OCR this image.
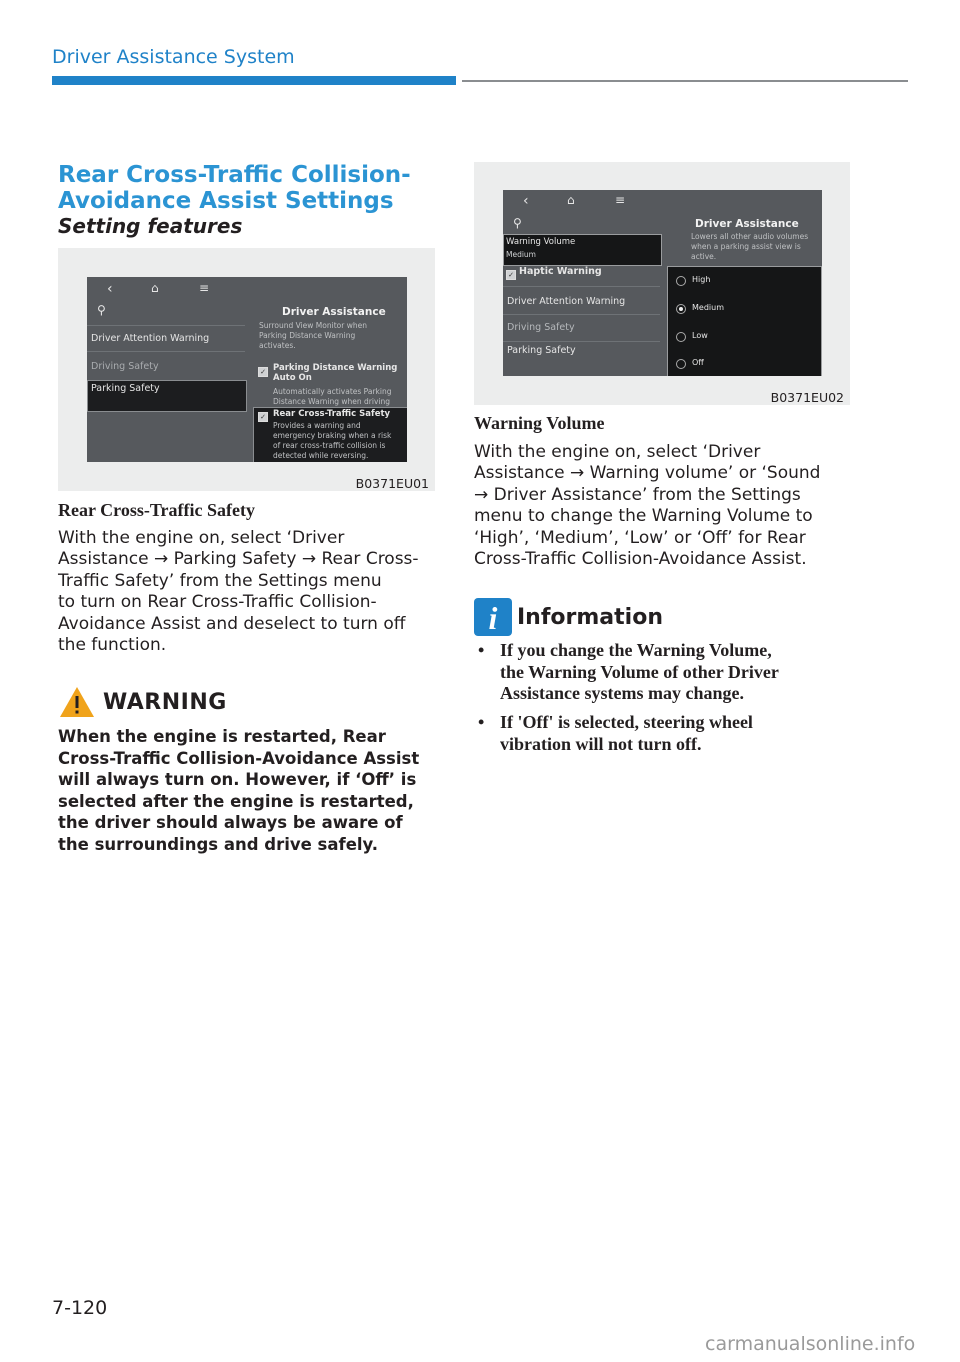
Driver Assistance System
Rear Cross-Traffic Collision-
Avoidance Assist Settings
Setting features
‹	⌂	≡
⚲	Driver Assistance
Driver Attention Warning
Driving Safety
Parking Safety
Surround View Monitor when
Parking Distance Warning
activates.
✓ Parking Distance Warning
Auto On
Automatically activates Parking
Distance Warning when driving
✓ Rear Cross-Traffic Safety
Provides a warning and
emergency braking when a risk
of rear cross-traffic collision is
detected while reversing.
B0371EU01
Rear Cross-Traffic Safety
With the engine on, select ‘Driver
Assistance → Parking Safety → Rear Cross-
Traffic Safety’ from the Settings menu
to turn on Rear Cross-Traffic Collision-
Avoidance Assist and deselect to turn off
the function.
WARNING
When the engine is restarted, Rear
Cross-Traffic Collision-Avoidance Assist
will always turn on. However, if ‘Off’ is
selected after the engine is restarted,
the driver should always be aware of
the surroundings and drive safely.
‹	⌂	≡
⚲	Driver Assistance
Lowers all other audio volumes
when a parking assist view is
active.
Warning Volume
Medium
✓ Haptic Warning
Driver Attention Warning
Driving Safety
Parking Safety
High
Medium
Low
Off
B0371EU02
Warning Volume
With the engine on, select ‘Driver
Assistance → Warning volume’ or ‘Sound
→ Driver Assistance’ from the Settings
menu to change the Warning Volume to
‘High’, ‘Medium’, ‘Low’ or ‘Off’ for Rear
Cross-Traffic Collision-Avoidance Assist.
i Information
• If you change the Warning Volume,
the Warning Volume of other Driver
Assistance systems may change.
• If 'Off' is selected, steering wheel
vibration will not turn off.
7-120
carmanualsonline.info
